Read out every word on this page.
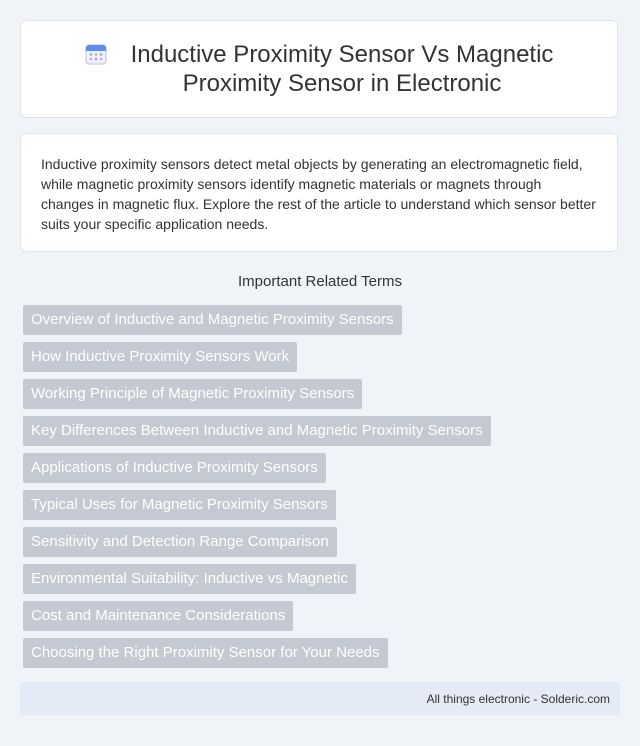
Inductive Proximity Sensor Vs Magnetic Proximity Sensor in Electronic

Inductive proximity sensors detect metal objects by generating an electromagnetic field, while magnetic proximity sensors identify magnetic materials or magnets through changes in magnetic flux. Explore the rest of the article to understand which sensor better suits your specific application needs.

Important Related Terms
Overview of Inductive and Magnetic Proximity Sensors
How Inductive Proximity Sensors Work
Working Principle of Magnetic Proximity Sensors
Key Differences Between Inductive and Magnetic Proximity Sensors
Applications of Inductive Proximity Sensors
Typical Uses for Magnetic Proximity Sensors
Sensitivity and Detection Range Comparison
Environmental Suitability: Inductive vs Magnetic
Cost and Maintenance Considerations
Choosing the Right Proximity Sensor for Your Needs
All things electronic - Solderic.com
